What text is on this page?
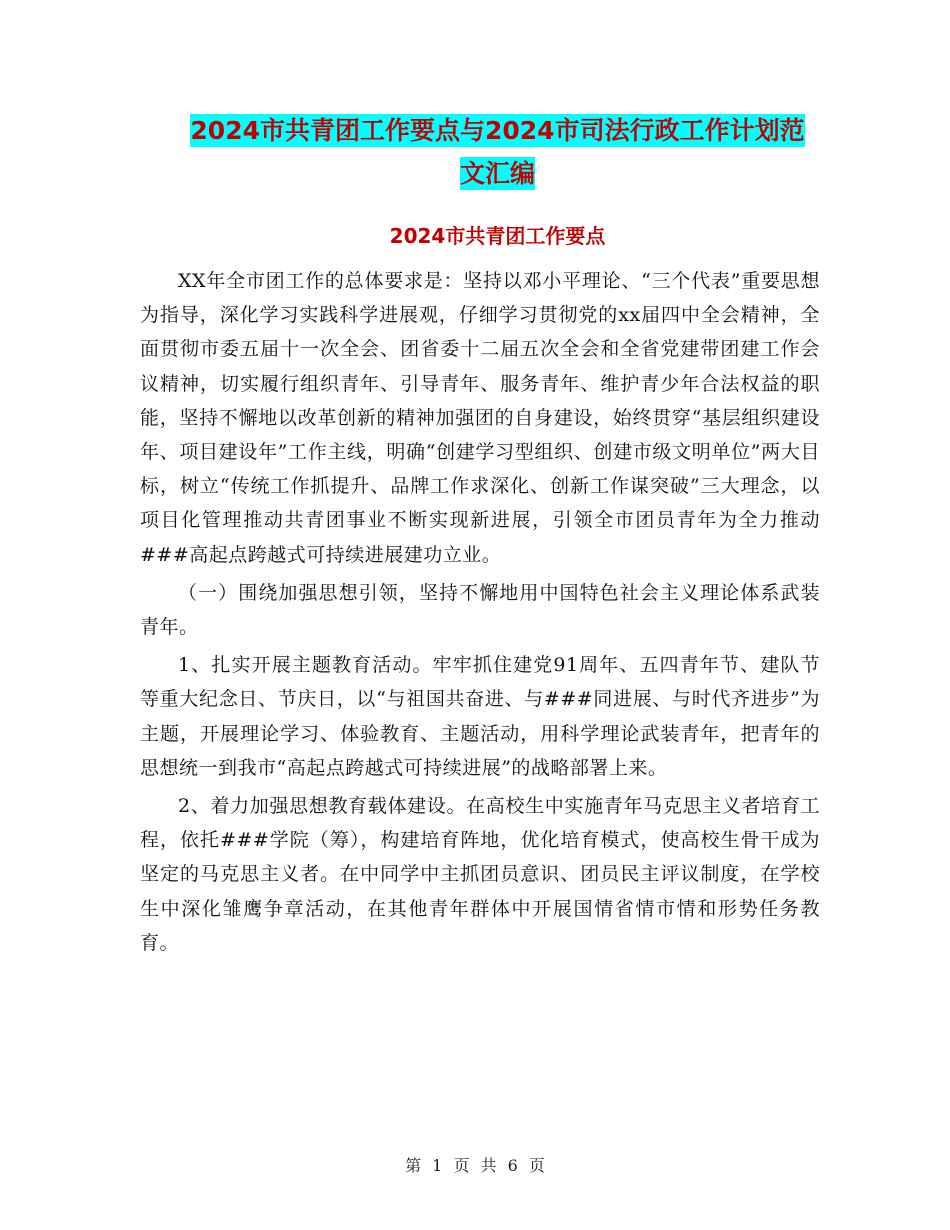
2024市共青团工作要点与2024市司法行政工作计划范
文汇编
2024市共青团工作要点

XX年全市团工作的总体要求是：坚持以邓小平理论、“三个代表”重要思想为指导，深化学习实践科学进展观，仔细学习贯彻党的xx届四中全会精神，全面贯彻市委五届十一次全会、团省委十二届五次全会和全省党建带团建工作会议精神，切实履行组织青年、引导青年、服务青年、维护青少年合法权益的职能，坚持不懈地以改革创新的精神加强团的自身建设，始终贯穿“基层组织建设年、项目建设年”工作主线，明确“创建学习型组织、创建市级文明单位”两大目标，树立“传统工作抓提升、品牌工作求深化、创新工作谋突破”三大理念，以项目化管理推动共青团事业不断实现新进展，引领全市团员青年为全力推动###高起点跨越式可持续进展建功立业。

（一）围绕加强思想引领，坚持不懈地用中国特色社会主义理论体系武装青年。

1、扎实开展主题教育活动。牢牢抓住建党91周年、五四青年节、建队节等重大纪念日、节庆日，以“与祖国共奋进、与###同进展、与时代齐进步”为主题，开展理论学习、体验教育、主题活动，用科学理论武装青年，把青年的思想统一到我市“高起点跨越式可持续进展”的战略部署上来。

2、着力加强思想教育载体建设。在高校生中实施青年马克思主义者培育工程，依托###学院（筹），构建培育阵地，优化培育模式，使高校生骨干成为坚定的马克思主义者。在中同学中主抓团员意识、团员民主评议制度，在学校生中深化雏鹰争章活动，在其他青年群体中开展国情省情市情和形势任务教育。

第 1 页 共 6 页
